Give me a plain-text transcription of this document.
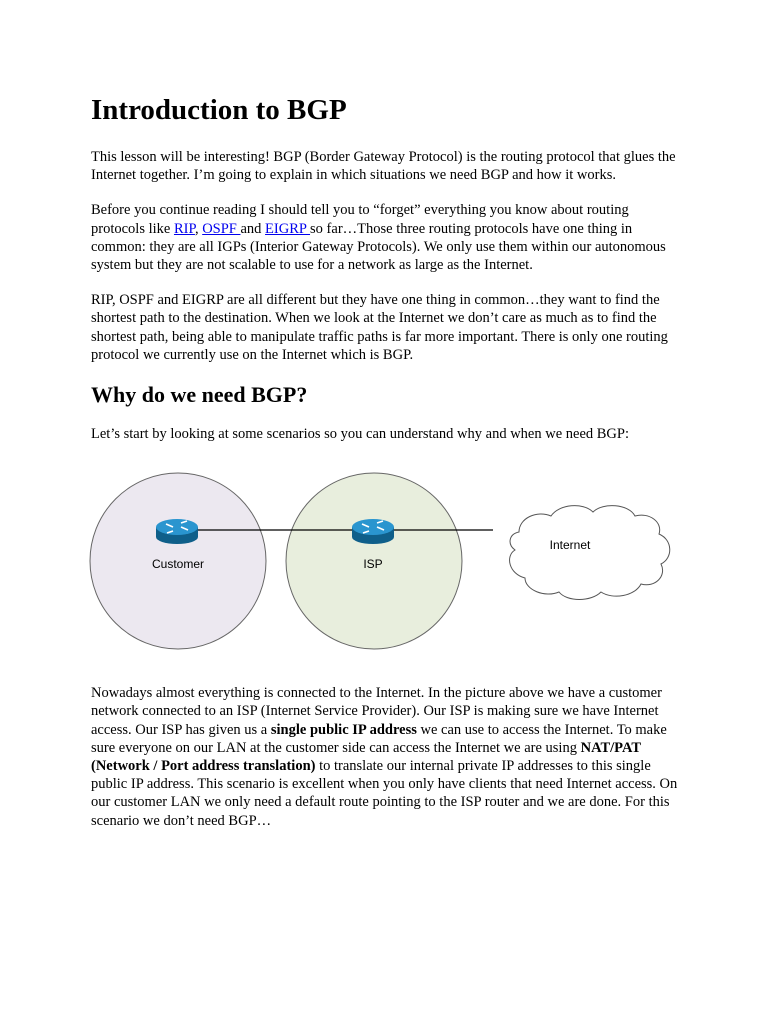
Introduction to BGP

This lesson will be interesting! BGP (Border Gateway Protocol) is the routing protocol that glues the Internet together. I’m going to explain in which situations we need BGP and how it works.

Before you continue reading I should tell you to “forget” everything you know about routing protocols like RIP, OSPF and EIGRP so far…Those three routing protocols have one thing in common: they are all IGPs (Interior Gateway Protocols). We only use them within our autonomous system but they are not scalable to use for a network as large as the Internet.

RIP, OSPF and EIGRP are all different but they have one thing in common…they want to find the shortest path to the destination. When we look at the Internet we don’t care as much as to find the shortest path, being able to manipulate traffic paths is far more important. There is only one routing protocol we currently use on the Internet which is BGP.

Why do we need BGP?

Let’s start by looking at some scenarios so you can understand why and when we need BGP:

Customer	ISP
Internet

Nowadays almost everything is connected to the Internet. In the picture above we have a customer network connected to an ISP (Internet Service Provider). Our ISP is making sure we have Internet access. Our ISP has given us a single public IP address we can use to access the Internet. To make sure everyone on our LAN at the customer side can access the Internet we are using NAT/PAT (Network / Port address translation) to translate our internal private IP addresses to this single public IP address. This scenario is excellent when you only have clients that need Internet access. On our customer LAN we only need a default route pointing to the ISP router and we are done. For this scenario we don’t need BGP…
